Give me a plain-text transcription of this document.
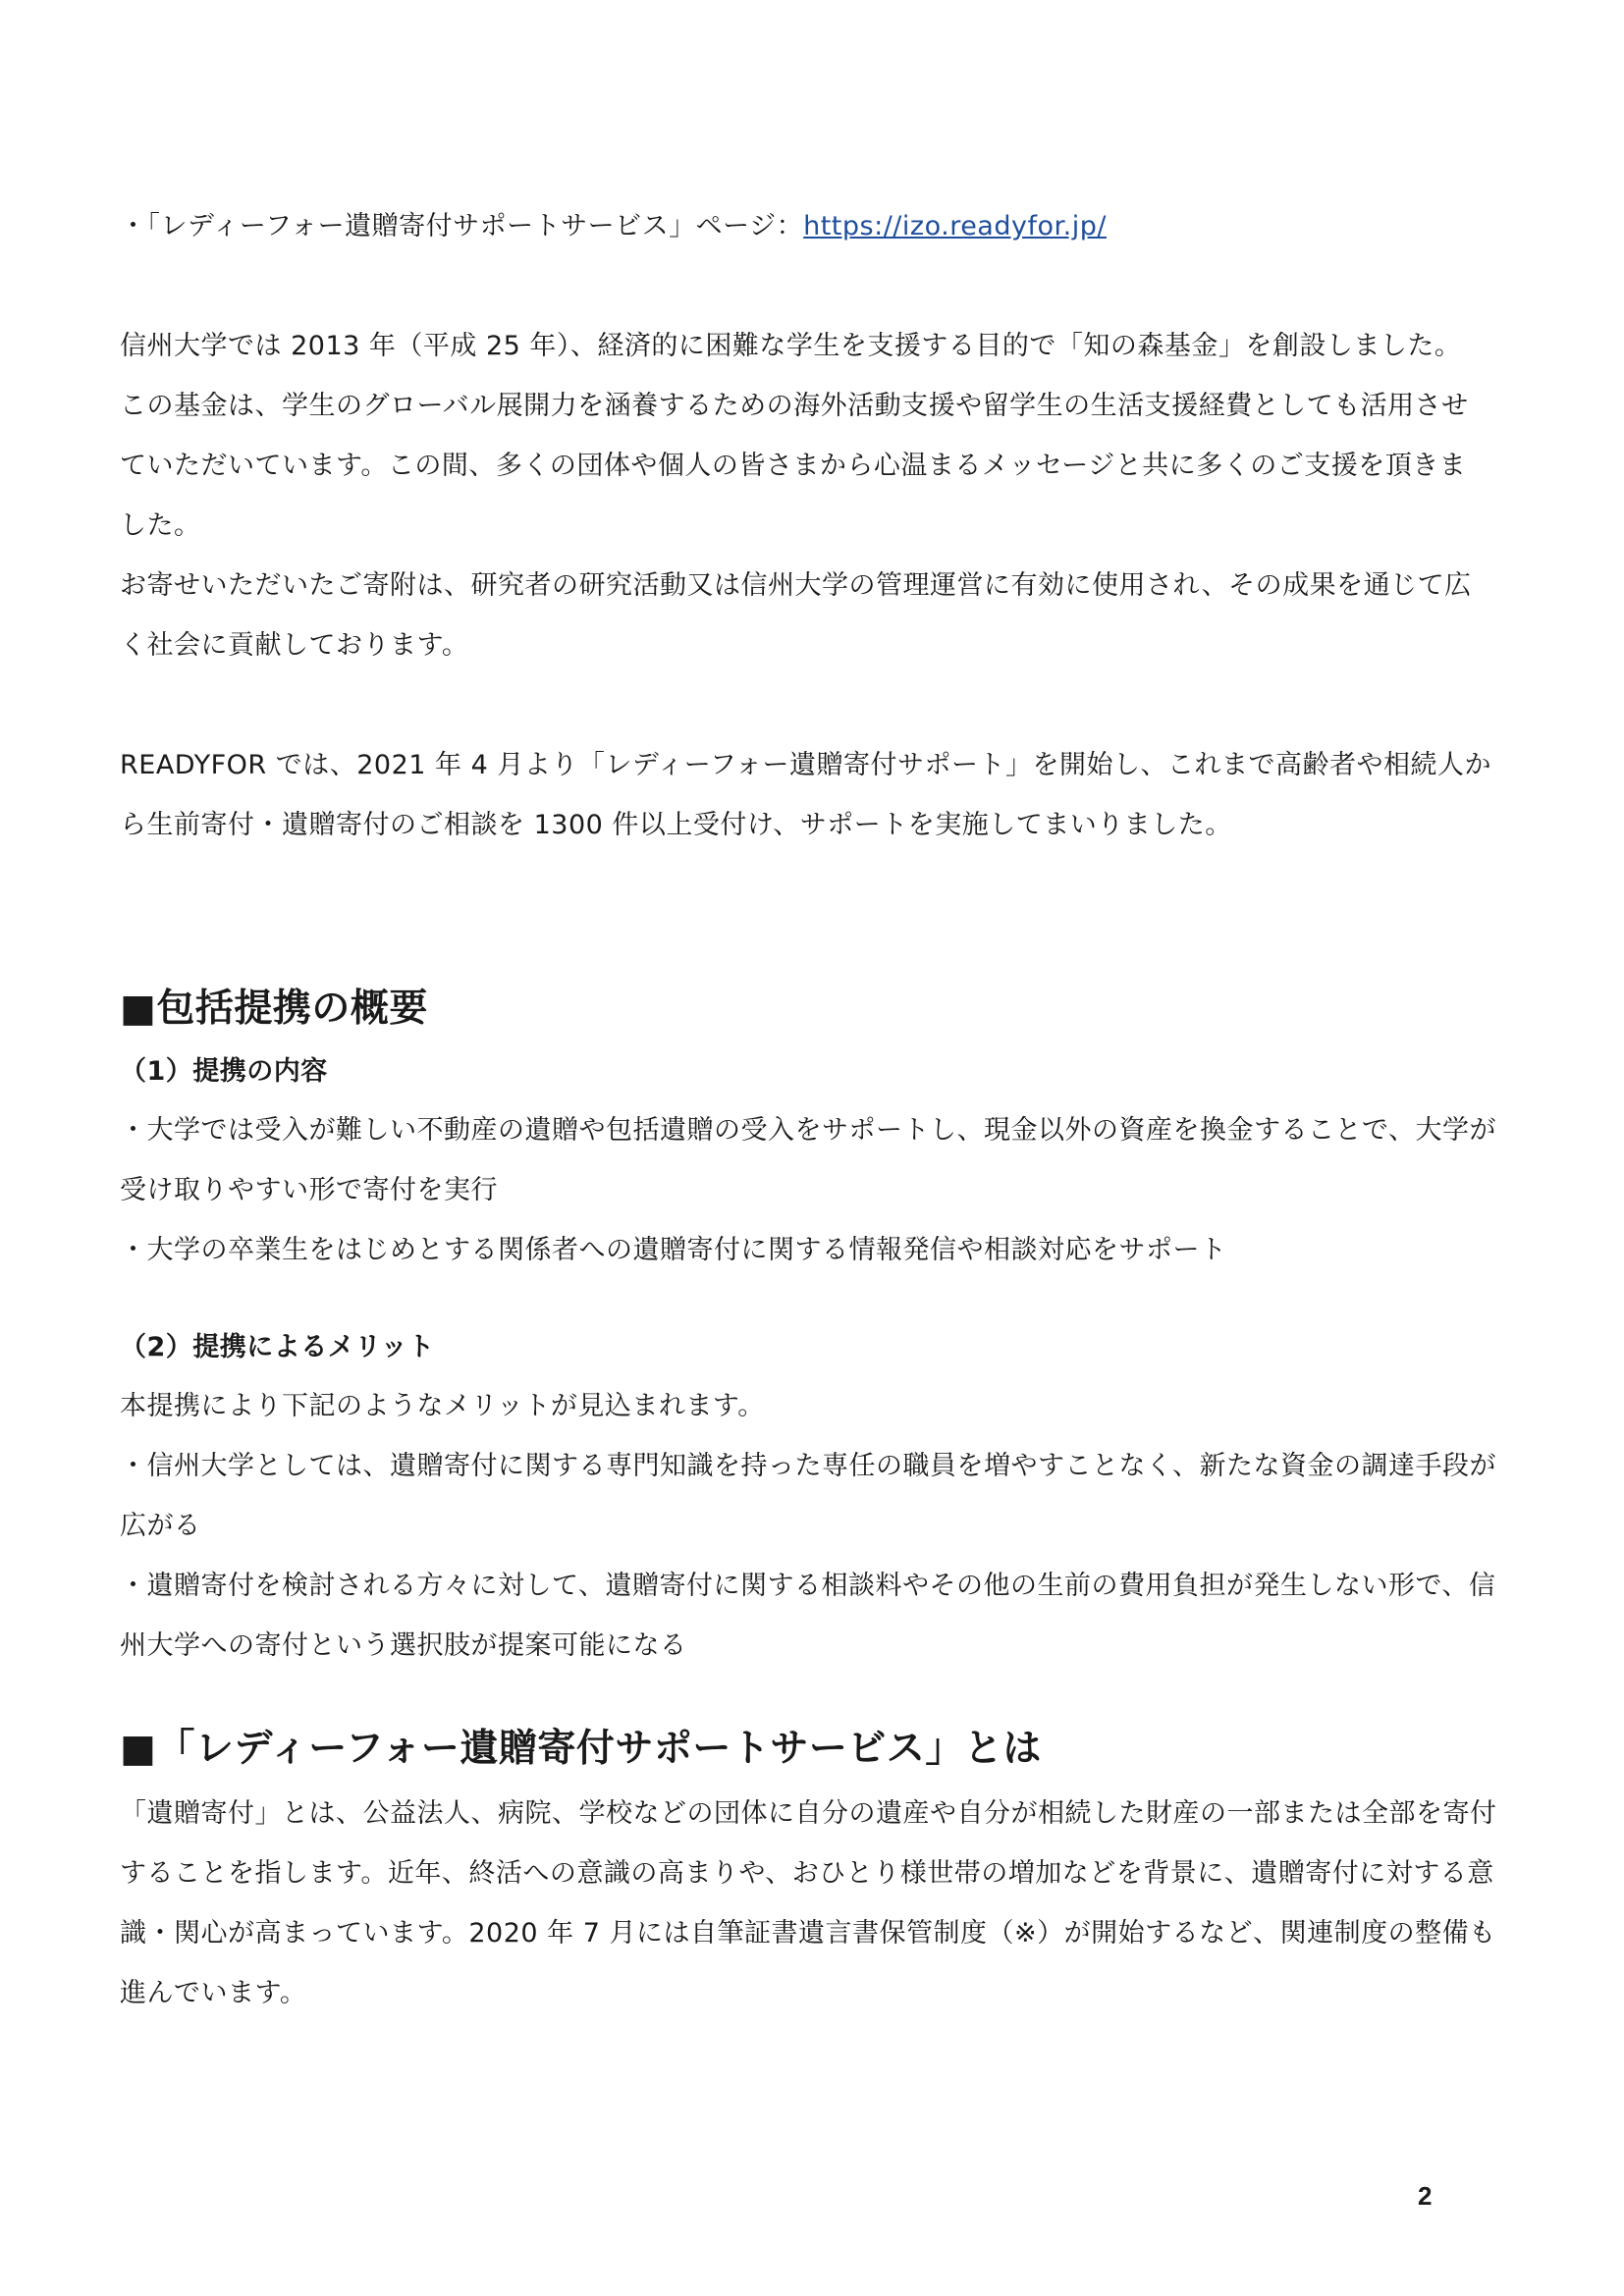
・「レディーフォー遺贈寄付サポートサービス」ページ：https://izo.readyfor.jp/

信州大学では 2013 年（平成 25 年）、経済的に困難な学生を支援する目的で「知の森基金」を創設しました。

この基金は、学生のグローバル展開力を涵養するための海外活動支援や留学生の生活支援経費としても活用させ

ていただいています。この間、多くの団体や個人の皆さまから心温まるメッセージと共に多くのご支援を頂きま

した。

お寄せいただいたご寄附は、研究者の研究活動又は信州大学の管理運営に有効に使用され、その成果を通じて広

く社会に貢献しております。

READYFOR では、2021 年 4 月より「レディーフォー遺贈寄付サポート」を開始し、これまで高齢者や相続人か

ら生前寄付・遺贈寄付のご相談を 1300 件以上受付け、サポートを実施してまいりました。

■包括提携の概要
（1）提携の内容

・大学では受入が難しい不動産の遺贈や包括遺贈の受入をサポートし、現金以外の資産を換金することで、大学が

受け取りやすい形で寄付を実行

・大学の卒業生をはじめとする関係者への遺贈寄付に関する情報発信や相談対応をサポート

（2）提携によるメリット

本提携により下記のようなメリットが見込まれます。

・信州大学としては、遺贈寄付に関する専門知識を持った専任の職員を増やすことなく、新たな資金の調達手段が

広がる

・遺贈寄付を検討される方々に対して、遺贈寄付に関する相談料やその他の生前の費用負担が発生しない形で、信

州大学への寄付という選択肢が提案可能になる

■「レディーフォー遺贈寄付サポートサービス」とは

「遺贈寄付」とは、公益法人、病院、学校などの団体に自分の遺産や自分が相続した財産の一部または全部を寄付

することを指します。近年、終活への意識の高まりや、おひとり様世帯の増加などを背景に、遺贈寄付に対する意

識・関心が高まっています。2020 年 7 月には自筆証書遺言書保管制度（※）が開始するなど、関連制度の整備も

進んでいます。

2
